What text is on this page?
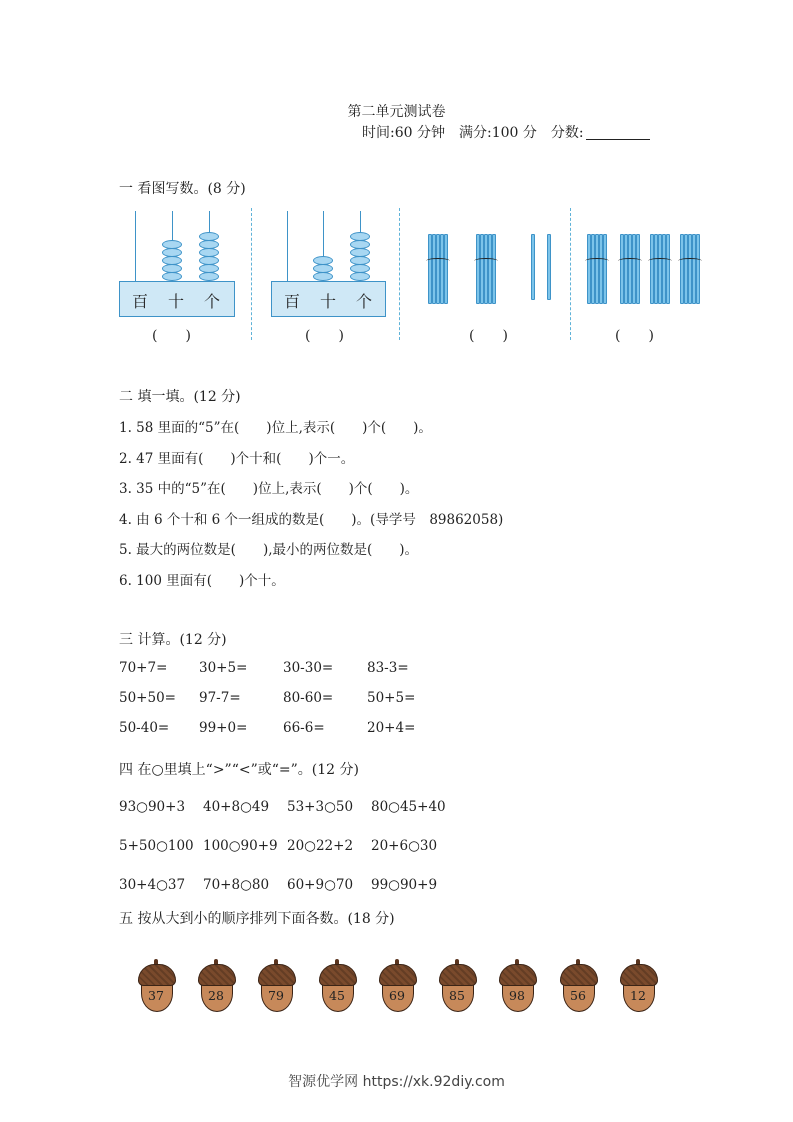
第二单元测试卷
时间:60 分钟　满分:100 分　分数:
一 看图写数。(8 分)
百 十 个
(　　)
百 十 个
(　　)	(　　)	(　　)
二 填一填。(12 分)
1. 58 里面的“5”在(　　)位上,表示(　　)个(　　)。
2. 47 里面有(　　)个十和(　　)个一。
3. 35 中的“5”在(　　)位上,表示(　　)个(　　)。
4. 由 6 个十和 6 个一组成的数是(　　)。(导学号　89862058)
5. 最大的两位数是(　　),最小的两位数是(　　)。
6. 100 里面有(　　)个十。
三 计算。(12 分)
70+7= 30+5=	30-30=	83-3=
50+50= 97-7=	80-60=	50+5=
50-40= 99+0=	66-6=	20+4=
四 在○里填上“>”“<”或“=”。(12 分)
93○90+3 40+8○49 53+3○50 80○45+40
5+50○100 100○90+9 20○22+2 20+6○30
30+4○37 70+8○80 60+9○70 99○90+9
五 按从大到小的顺序排列下面各数。(18 分)
37	28	79	45	69	85	98	56	12
智源优学网 https://xk.92diy.com
